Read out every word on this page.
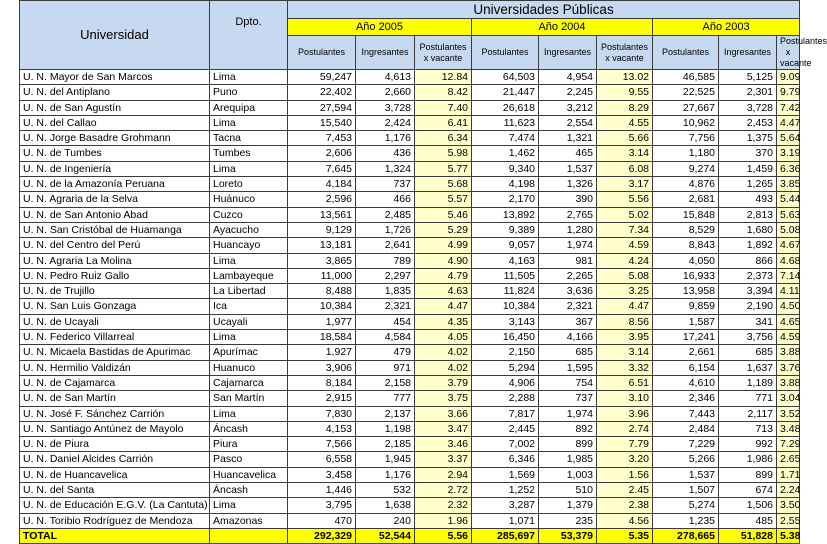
Universidad	Dpto.	Universidades Públicas								
		Año 2005			Año 2004			Año 2003		
		Postulantes	Ingresantes	Postulantes x vacante	Postulantes	Ingresantes	Postulantes x vacante	Postulantes	Ingresantes	Postulantes x vacante
U. N. Mayor de San Marcos	Lima	59,247	4,613	12.84	64,503	4,954	13.02	46,585	5,125	9.09
U. N. del Antiplano	Puno	22,402	2,660	8.42	21,447	2,245	9.55	22,525	2,301	9.79
U. N. de San Agustín	Arequipa	27,594	3,728	7.40	26,618	3,212	8.29	27,667	3,728	7.42
U. N. del Callao	Lima	15,540	2,424	6.41	11,623	2,554	4.55	10,962	2,453	4.47
U. N. Jorge Basadre Grohmann	Tacna	7,453	1,176	6.34	7,474	1,321	5.66	7,756	1,375	5.64
U. N. de Tumbes	Tumbes	2,606	436	5.98	1,462	465	3.14	1,180	370	3.19
U. N. de Ingeniería	Lima	7,645	1,324	5.77	9,340	1,537	6.08	9,274	1,459	6.36
U. N. de la Amazonía Peruana	Loreto	4,184	737	5.68	4,198	1,326	3.17	4,876	1,265	3.85
U. N. Agraria de la Selva	Huánuco	2,596	466	5.57	2,170	390	5.56	2,681	493	5.44
U. N. de San Antonio Abad	Cuzco	13,561	2,485	5.46	13,892	2,765	5.02	15,848	2,813	5.63
U. N. San Cristóbal de Huamanga	Ayacucho	9,129	1,726	5.29	9,389	1,280	7.34	8,529	1,680	5.08
U. N. del Centro del Perú	Huancayo	13,181	2,641	4.99	9,057	1,974	4.59	8,843	1,892	4.67
U. N. Agraria La Molina	Lima	3,865	789	4.90	4,163	981	4.24	4,050	866	4.68
U. N. Pedro Ruiz Gallo	Lambayeque	11,000	2,297	4.79	11,505	2,265	5.08	16,933	2,373	7.14
U. N. de Trujillo	La Libertad	8,488	1,835	4.63	11,824	3,636	3.25	13,958	3,394	4.11
U. N. San Luis Gonzaga	Ica	10,384	2,321	4.47	10,384	2,321	4.47	9,859	2,190	4.50
U. N. de Ucayali	Ucayali	1,977	454	4.35	3,143	367	8.56	1,587	341	4.65
U. N. Federico Villarreal	Lima	18,584	4,584	4.05	16,450	4,166	3.95	17,241	3,756	4.59
U. N. Micaela Bastidas de Apurimac	Apurímac	1,927	479	4.02	2,150	685	3.14	2,661	685	3.88
U. N. Hermilio Valdizán	Huanuco	3,906	971	4.02	5,294	1,595	3.32	6,154	1,637	3.76
U. N. de Cajamarca	Cajamarca	8,184	2,158	3.79	4,906	754	6.51	4,610	1,189	3.88
U. N. de San Martín	San Martín	2,915	777	3.75	2,288	737	3.10	2,346	771	3.04
U. N. José F. Sánchez Carrión	Lima	7,830	2,137	3.66	7,817	1,974	3.96	7,443	2,117	3.52
U. N. Santiago Antúnez de Mayolo	Áncash	4,153	1,198	3.47	2,445	892	2.74	2,484	713	3.48
U. N. de Piura	Piura	7,566	2,185	3.46	7,002	899	7.79	7,229	992	7.29
U. N. Daniel Alcides Carrión	Pasco	6,558	1,945	3.37	6,346	1,985	3.20	5,266	1,986	2.65
U. N. de Huancavelica	Huancavelica	3,458	1,176	2.94	1,569	1,003	1.56	1,537	899	1.71
U. N. del Santa	Áncash	1,446	532	2.72	1,252	510	2.45	1,507	674	2.24
U. N. de Educación E.G.V. (La Cantuta)	Lima	3,795	1,638	2.32	3,287	1,379	2.38	5,274	1,506	3.50
U. N. Toribio Rodríguez de Mendoza	Amazonas	470	240	1.96	1,071	235	4.56	1,235	485	2.55
TOTAL		292,329	52,544	5.56	285,697	53,379	5.35	278,665	51,828	5.38
